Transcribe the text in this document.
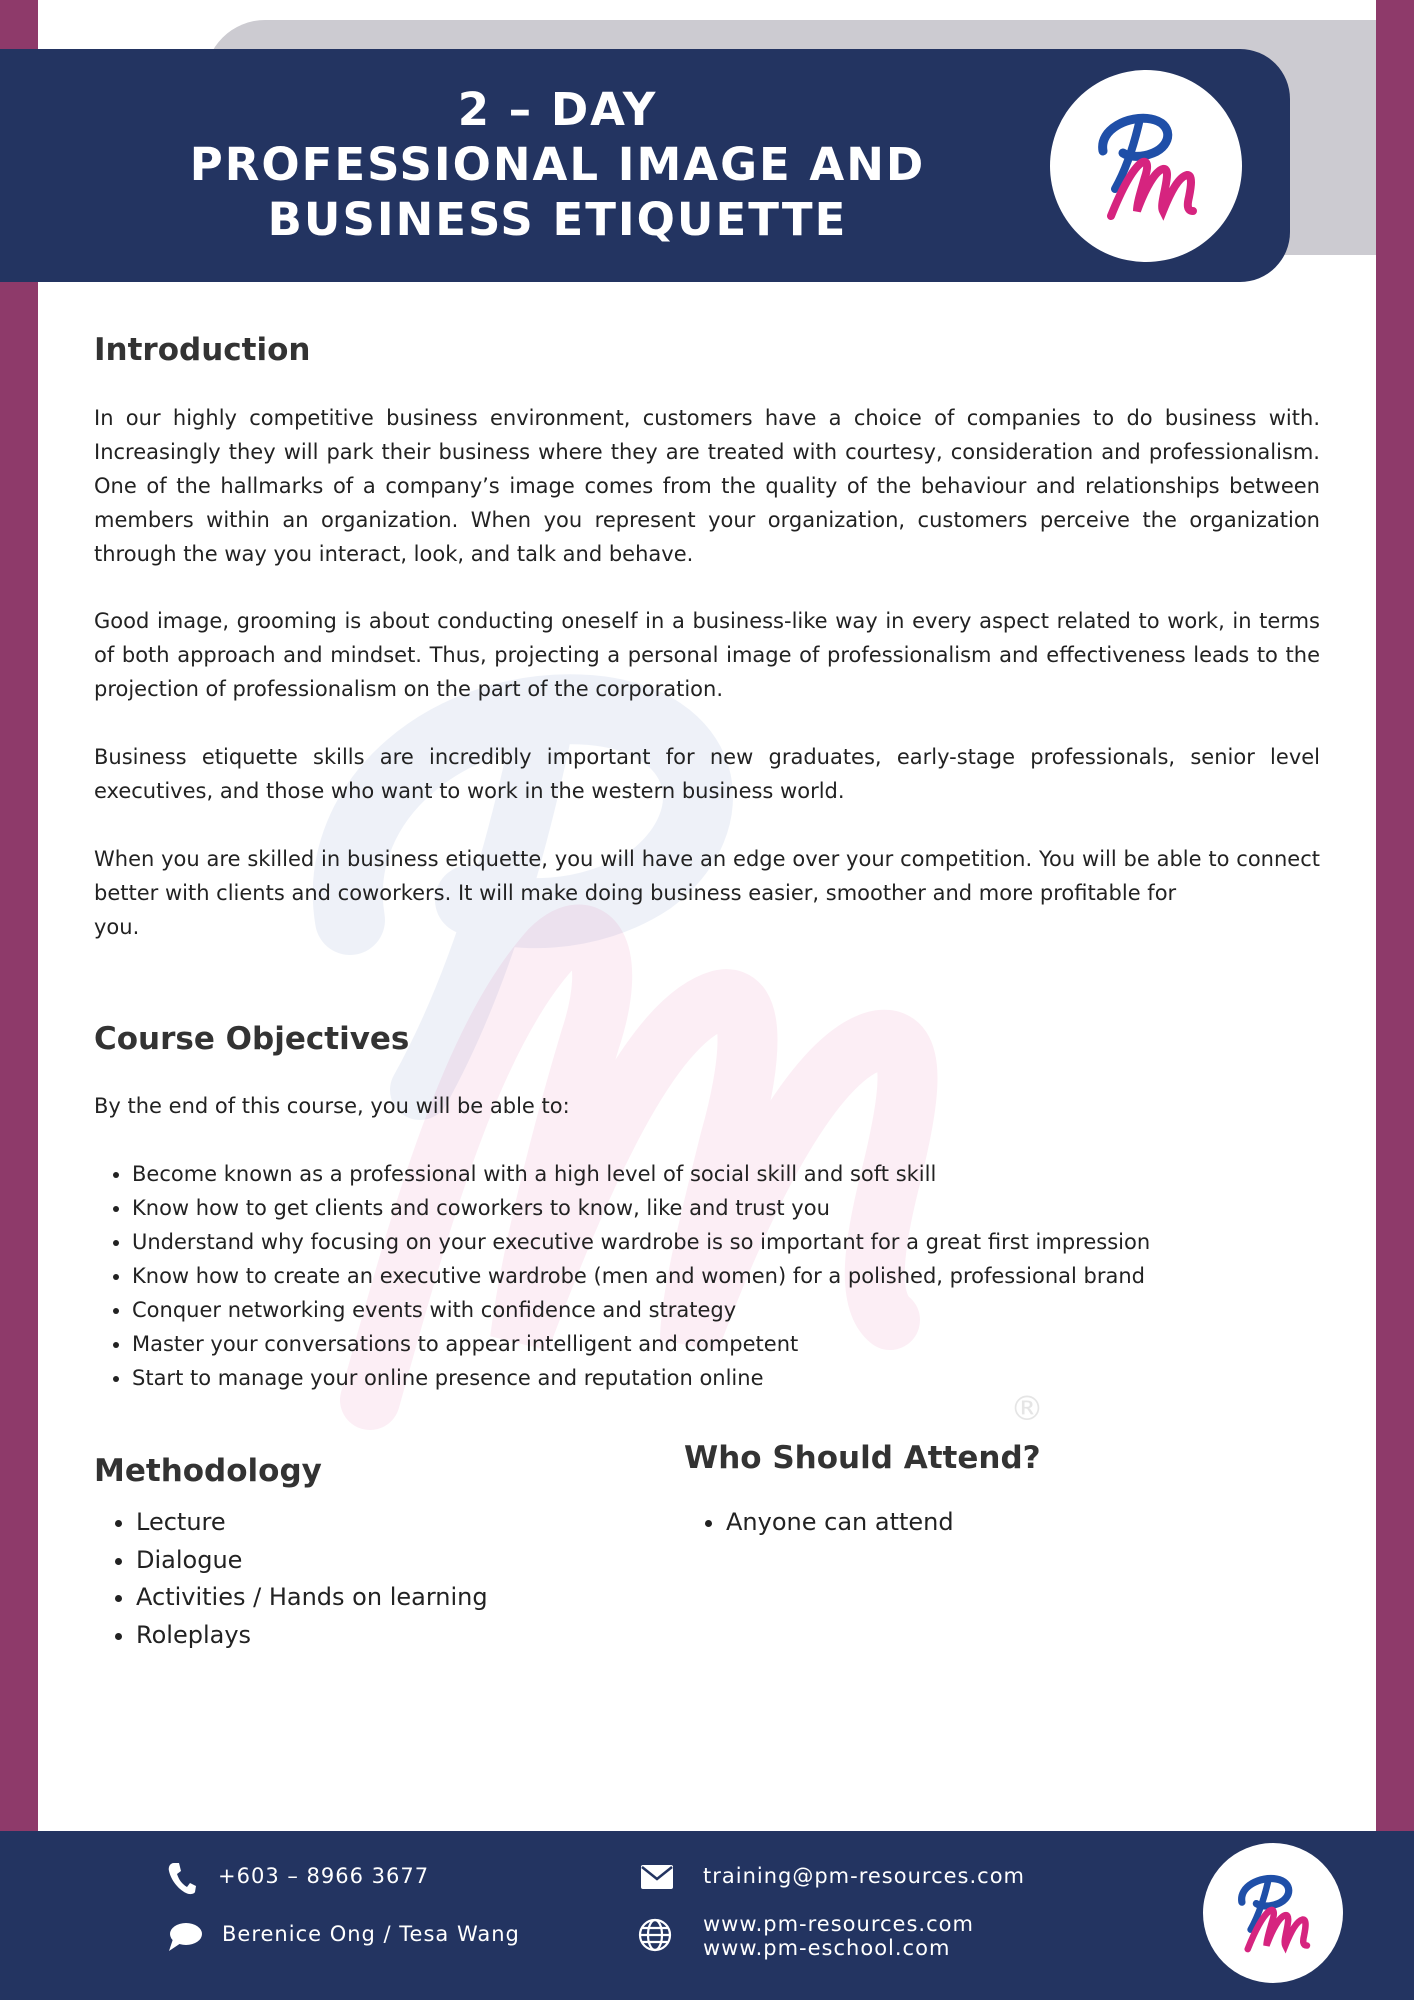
®
2 – DAY
PROFESSIONAL IMAGE AND
BUSINESS ETIQUETTE
Introduction

In our highly competitive business environment, customers have a choice of companies to do business with. Increasingly they will park their business where they are treated with courtesy, consideration and professionalism. One of the hallmarks of a company’s image comes from the quality of the behaviour and relationships between members within an organization. When you represent your organization, customers perceive the organization through the way you interact, look, and talk and behave.

Good image, grooming is about conducting oneself in a business-like way in every aspect related to work, in terms of both approach and mindset. Thus, projecting a personal image of professionalism and effectiveness leads to the projection of professionalism on the part of the corporation.

Business etiquette skills are incredibly important for new graduates, early-stage professionals, senior level executives, and those who want to work in the western business world.

When you are skilled in business etiquette, you will have an edge over your competition. You will be able to connect better with clients and coworkers. It will make doing business easier, smoother and more profitable for
you.

Course Objectives

By the end of this course, you will be able to:

• Become known as a professional with a high level of social skill and soft skill
• Know how to get clients and coworkers to know, like and trust you
• Understand why focusing on your executive wardrobe is so important for a great first impression
• Know how to create an executive wardrobe (men and women) for a polished, professional brand
• Conquer networking events with confidence and strategy
• Master your conversations to appear intelligent and competent
• Start to manage your online presence and reputation online
Methodology
• Lecture
• Dialogue
• Activities / Hands on learning
• Roleplays
Who Should Attend?
• Anyone can attend
+603 – 8966 3677
Berenice Ong / Tesa Wang
training@pm-resources.com
www.pm-resources.com
www.pm-eschool.com
